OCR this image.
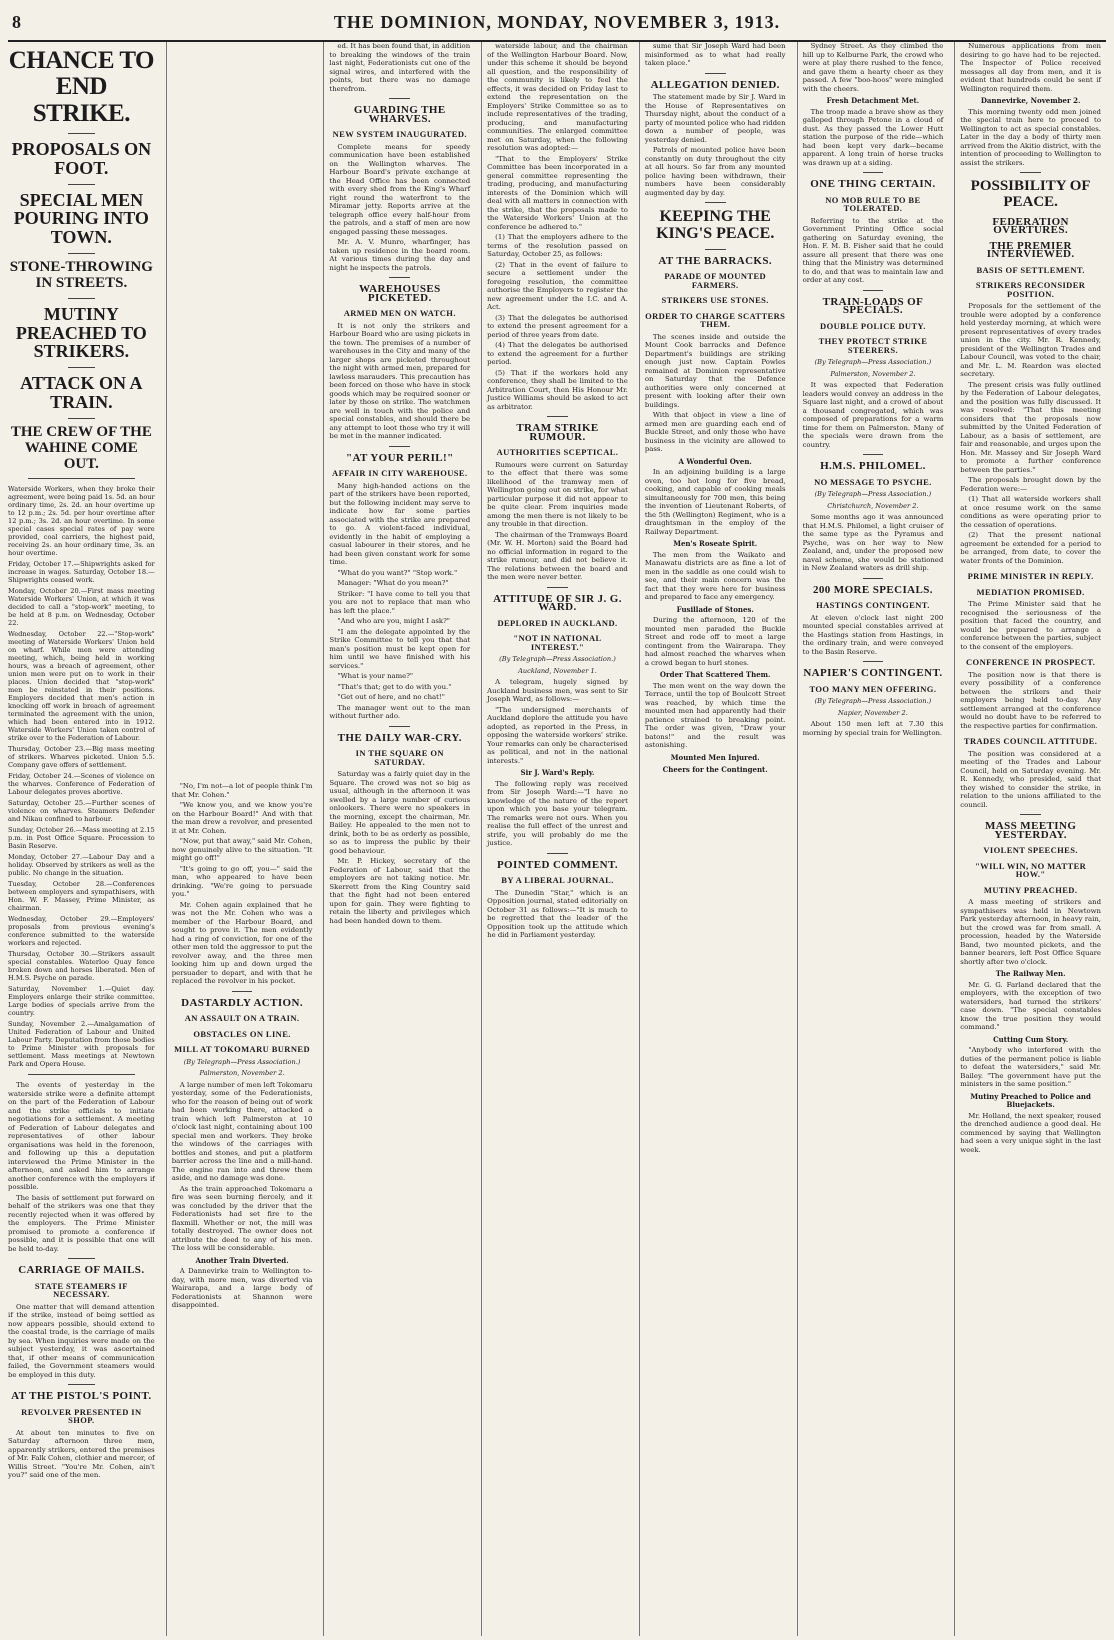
8	THE DOMINION, MONDAY, NOVEMBER 3, 1913.
CHANCE TO END STRIKE.
PROPOSALS ON FOOT.
SPECIAL MEN POURING INTO TOWN.
STONE-THROWING IN STREETS.
MUTINY PREACHED TO STRIKERS.
ATTACK ON A TRAIN.
THE CREW OF THE WAHINE COME OUT.

Waterside Workers, when they broke their agreement, were being paid 1s. 5d. an hour ordinary time, 2s. 2d. an hour overtime up to 12 p.m.; 2s. 5d. per hour overtime after 12 p.m.; 3s. 2d. an hour overtime. In some special cases special rates of pay were provided, coal carriers, the highest paid, receiving 2s. an hour ordinary time, 3s. an hour overtime.

Friday, October 17.—Shipwrights asked for increase in wages. Saturday, October 18.—Shipwrights ceased work.

Monday, October 20.—First mass meeting Waterside Workers' Union, at which it was decided to call a "stop-work" meeting, to be held at 8 p.m. on Wednesday, October 22.

Wednesday, October 22.—"Stop-work" meeting of Waterside Workers' Union held on wharf. While men were attending meeting, which, being held in working hours, was a breach of agreement, other union men were put on to work in their places. Union decided that "stop-work" men be reinstated in their positions. Employers decided that men's action in knocking off work in breach of agreement terminated the agreement with the union, which had been entered into in 1912. Waterside Workers' Union taken control of strike over to the Federation of Labour.

Thursday, October 23.—Big mass meeting of strikers. Wharves picketed. Union 5.5. Company gave offers of settlement.

Friday, October 24.—Scenes of violence on the wharves. Conference of Federation of Labour delegates proves abortive.

Saturday, October 25.—Further scenes of violence on wharves. Steamers Defender and Nikau confined to harbour.

Sunday, October 26.—Mass meeting at 2.15 p.m. in Post Office Square. Procession to Basin Reserve.

Monday, October 27.—Labour Day and a holiday. Observed by strikers as well as the public. No change in the situation.

Tuesday, October 28.—Conferences between employers and sympathisers, with Hon. W. F. Massey, Prime Minister, as chairman.

Wednesday, October 29.—Employers' proposals from previous evening's conference submitted to the waterside workers and rejected.

Thursday, October 30.—Strikers assault special constables. Waterloo Quay fence broken down and horses liberated. Men of H.M.S. Psyche on parade.

Saturday, November 1.—Quiet day. Employers enlarge their strike committee. Large bodies of specials arrive from the country.

Sunday, November 2.—Amalgamation of United Federation of Labour and United Labour Party. Deputation from those bodies to Prime Minister with proposals for settlement. Mass meetings at Newtown Park and Opera House.

The events of yesterday in the waterside strike were a definite attempt on the part of the Federation of Labour and the strike officials to initiate negotiations for a settlement. A meeting of Federation of Labour delegates and representatives of other labour organisations was held in the forenoon, and following up this a deputation interviewed the Prime Minister in the afternoon, and asked him to arrange another conference with the employers if possible.

The basis of settlement put forward on behalf of the strikers was one that they recently rejected when it was offered by the employers. The Prime Minister promised to promote a conference if possible, and it is possible that one will be held to-day.

CARRIAGE OF MAILS.
STATE STEAMERS IF NECESSARY.

One matter that will demand attention if the strike, instead of being settled as now appears possible, should extend to the coastal trade, is the carriage of mails by sea. When inquiries were made on the subject yesterday, it was ascertained that, if other means of communication failed, the Government steamers would be employed in this duty.

AT THE PISTOL'S POINT.
REVOLVER PRESENTED IN SHOP.

At about ten minutes to five on Saturday afternoon three men, apparently strikers, entered the premises of Mr. Falk Cohen, clothier and mercer, of Willis Street. "You're Mr. Cohen, ain't you?" said one of the men.

"No, I'm not—a lot of people think I'm that Mr. Cohen."

"We know you, and we know you're on the Harbour Board!" And with that the man drew a revolver, and presented it at Mr. Cohen.

"Now, put that away," said Mr. Cohen, now genuinely alive to the situation. "It might go off!"

"It's going to go off, you—" said the man, who appeared to have been drinking. "We're going to persuade you."

Mr. Cohen again explained that he was not the Mr. Cohen who was a member of the Harbour Board, and sought to prove it. The men evidently had a ring of conviction, for one of the other men told the aggressor to put the revolver away, and the three men looking him up and down urged the persuader to depart, and with that he replaced the revolver in his pocket.

DASTARDLY ACTION.
AN ASSAULT ON A TRAIN.
OBSTACLES ON LINE.
MILL AT TOKOMARU BURNED
(By Telegraph—Press Association.)
Palmerston, November 2.

A large number of men left Tokomaru yesterday, some of the Federationists, who for the reason of being out of work had been working there, attacked a train which left Palmerston at 10 o'clock last night, containing about 100 special men and workers. They broke the windows of the carriages with bottles and stones, and put a platform barrier across the line and a mill-hand. The engine ran into and threw them aside, and no damage was done.

As the train approached Tokomaru a fire was seen burning fiercely, and it was concluded by the driver that the Federationists had set fire to the flaxmill. Whether or not, the mill was totally destroyed. The owner does not attribute the deed to any of his men. The loss will be considerable.

Another Train Diverted.

A Dannevirke train to Wellington to-day, with more men, was diverted via Wairarapa, and a large body of Federationists at Shannon were disappointed.

ed. It has been found that, in addition to breaking the windows of the train last night, Federationists cut one of the signal wires, and interfered with the points, but there was no damage therefrom.

GUARDING THE WHARVES.
NEW SYSTEM INAUGURATED.

Complete means for speedy communication have been established on the Wellington wharves. The Harbour Board's private exchange at the Head Office has been connected with every shed from the King's Wharf right round the waterfront to the Miramar jetty. Reports arrive at the telegraph office every half-hour from the patrols, and a staff of men are now engaged passing these messages.

Mr. A. V. Munro, wharfinger, has taken up residence in the board room. At various times during the day and night he inspects the patrols.

WAREHOUSES PICKETED.
ARMED MEN ON WATCH.

It is not only the strikers and Harbour Board who are using pickets in the town. The premises of a number of warehouses in the City and many of the larger shops are picketed throughout the night with armed men, prepared for lawless marauders. This precaution has been forced on those who have in stock goods which may be required sooner or later by those on strike. The watchmen are well in touch with the police and special constables, and should there be any attempt to loot those who try it will be met in the manner indicated.

"AT YOUR PERIL!"
AFFAIR IN CITY WAREHOUSE.

Many high-handed actions on the part of the strikers have been reported, but the following incident may serve to indicate how far some parties associated with the strike are prepared to go. A violent-faced individual, evidently in the habit of employing a casual labourer in their stores, and he had been given constant work for some time.

"What do you want?" "Stop work."

Manager: "What do you mean?"

Striker: "I have come to tell you that you are not to replace that man who has left the place."

"And who are you, might I ask?"

"I am the delegate appointed by the Strike Committee to tell you that that man's position must be kept open for him until we have finished with his services."

"What is your name?"

"That's that; get to do with you."

"Get out of here, and no chat!"

The manager went out to the man without further ado.

THE DAILY WAR-CRY.
IN THE SQUARE ON SATURDAY.

Saturday was a fairly quiet day in the Square. The crowd was not so big as usual, although in the afternoon it was swelled by a large number of curious onlookers. There were no speakers in the morning, except the chairman, Mr. Bailey. He appealed to the men not to drink, both to be as orderly as possible, so as to impress the public by their good behaviour.

Mr. P. Hickey, secretary of the Federation of Labour, said that the employers are not taking notice. Mr. Skerrett from the King Country said that the fight had not been entered upon for gain. They were fighting to retain the liberty and privileges which had been handed down to them.

waterside labour, and the chairman of the Wellington Harbour Board. Now, under this scheme it should be beyond all question, and the responsibility of the community is likely to feel the effects, it was decided on Friday last to extend the representation on the Employers' Strike Committee so as to include representatives of the trading, producing, and manufacturing communities. The enlarged committee met on Saturday, when the following resolution was adopted:—

"That to the Employers' Strike Committee has been incorporated in a general committee representing the trading, producing, and manufacturing interests of the Dominion which will deal with all matters in connection with the strike, that the proposals made to the Waterside Workers' Union at the conference be adhered to."

(1) That the employers adhere to the terms of the resolution passed on Saturday, October 25, as follows:

(2) That in the event of failure to secure a settlement under the foregoing resolution, the committee authorise the Employers to register the new agreement under the I.C. and A. Act.

(3) That the delegates be authorised to extend the present agreement for a period of three years from date.

(4) That the delegates be authorised to extend the agreement for a further period.

(5) That if the workers hold any conference, they shall be limited to the Arbitration Court, then His Honour Mr. Justice Williams should be asked to act as arbitrator.

TRAM STRIKE RUMOUR.
AUTHORITIES SCEPTICAL.

Rumours were current on Saturday to the effect that there was some likelihood of the tramway men of Wellington going out on strike, for what particular purpose it did not appear to be quite clear. From inquiries made among the men there is not likely to be any trouble in that direction.

The chairman of the Tramways Board (Mr. W. H. Morton) said the Board had no official information in regard to the strike rumour, and did not believe it. The relations between the board and the men were never better.

ATTITUDE OF SIR J. G. WARD.
DEPLORED IN AUCKLAND.
"NOT IN NATIONAL INTEREST."
(By Telegraph—Press Association.)
Auckland, November 1.

A telegram, hugely signed by Auckland business men, was sent to Sir Joseph Ward, as follows:—

"The undersigned merchants of Auckland deplore the attitude you have adopted, as reported in the Press, in opposing the waterside workers' strike. Your remarks can only be characterised as political, and not in the national interests."

Sir J. Ward's Reply.

The following reply was received from Sir Joseph Ward:—"I have no knowledge of the nature of the report upon which you base your telegram. The remarks were not ours. When you realise the full effect of the unrest and strife, you will probably do me the justice.

POINTED COMMENT.
BY A LIBERAL JOURNAL.

The Dunedin "Star," which is an Opposition journal, stated editorially on October 31 as follows:—"It is much to be regretted that the leader of the Opposition took up the attitude which he did in Parliament yesterday.

sume that Sir Joseph Ward had been misinformed as to what had really taken place."

ALLEGATION DENIED.

The statement made by Sir J. Ward in the House of Representatives on Thursday night, about the conduct of a party of mounted police who had ridden down a number of people, was yesterday denied.

Patrols of mounted police have been constantly on duty throughout the city at all hours. So far from any mounted police having been withdrawn, their numbers have been considerably augmented day by day.

KEEPING THE KING'S PEACE.
AT THE BARRACKS.
PARADE OF MOUNTED FARMERS.
STRIKERS USE STONES.
ORDER TO CHARGE SCATTERS THEM.

The scenes inside and outside the Mount Cook barracks and Defence Department's buildings are striking enough just now. Captain Powles remained at Dominion representative on Saturday that the Defence authorities were only concerned at present with looking after their own buildings.

With that object in view a line of armed men are guarding each end of Buckle Street, and only those who have business in the vicinity are allowed to pass.

A Wonderful Oven.

In an adjoining building is a large oven, too hot long for five bread, cooking, and capable of cooking meals simultaneously for 700 men, this being the invention of Lieutenant Roberts, of the 5th (Wellington) Regiment, who is a draughtsman in the employ of the Railway Department.

Men's Roseate Spirit.

The men from the Waikato and Manawatu districts are as fine a lot of men in the saddle as one could wish to see, and their main concern was the fact that they were here for business and prepared to face any emergency.

Fusillade of Stones.

During the afternoon, 120 of the mounted men paraded the Buckle Street and rode off to meet a large contingent from the Wairarapa. They had almost reached the wharves when a crowd began to hurl stones.

Order That Scattered Them.

The men went on the way down the Terrace, until the top of Boulcott Street was reached, by which time the mounted men had apparently had their patience strained to breaking point. The order was given, "Draw your batons!" and the result was astonishing.

Mounted Men Injured.
Cheers for the Contingent.

Sydney Street. As they climbed the hill up to Kelburne Park, the crowd who were at play there rushed to the fence, and gave them a hearty cheer as they passed. A few "boo-hoos" were mingled with the cheers.

Fresh Detachment Met.

The troop made a brave show as they galloped through Petone in a cloud of dust. As they passed the Lower Hutt station the purpose of the ride—which had been kept very dark—became apparent. A long train of horse trucks was drawn up at a siding.

ONE THING CERTAIN.
NO MOB RULE TO BE TOLERATED.

Referring to the strike at the Government Printing Office social gathering on Saturday evening, the Hon. F. M. B. Fisher said that he could assure all present that there was one thing that the Ministry was determined to do, and that was to maintain law and order at any cost.

TRAIN-LOADS OF SPECIALS.
DOUBLE POLICE DUTY.
THEY PROTECT STRIKE STEERERS.
(By Telegraph—Press Association.)
Palmerston, November 2.

It was expected that Federation leaders would convey an address in the Square last night, and a crowd of about a thousand congregated, which was composed of preparations for a warm time for them on Palmerston. Many of the specials were drawn from the country.

H.M.S. PHILOMEL.
NO MESSAGE TO PSYCHE.
(By Telegraph—Press Association.)
Christchurch, November 2.

Some months ago it was announced that H.M.S. Philomel, a light cruiser of the same type as the Pyramus and Psyche, was on her way to New Zealand, and, under the proposed new naval scheme, she would be stationed in New Zealand waters as drill ship.

200 MORE SPECIALS.
HASTINGS CONTINGENT.

At eleven o'clock last night 200 mounted special constables arrived at the Hastings station from Hastings, in the ordinary train, and were conveyed to the Basin Reserve.

NAPIER'S CONTINGENT.
TOO MANY MEN OFFERING.
(By Telegraph—Press Association.)
Napier, November 2.

About 150 men left at 7.30 this morning by special train for Wellington.

Numerous applications from men desiring to go have had to be rejected. The Inspector of Police received messages all day from men, and it is evident that hundreds could be sent if Wellington required them.

Dannevirke, November 2.

This morning twenty odd men joined the special train here to proceed to Wellington to act as special constables. Later in the day a body of thirty men arrived from the Akitio district, with the intention of proceeding to Wellington to assist the strikers.

POSSIBILITY OF PEACE.
FEDERATION OVERTURES.
THE PREMIER INTERVIEWED.
BASIS OF SETTLEMENT.
STRIKERS RECONSIDER POSITION.

Proposals for the settlement of the trouble were adopted by a conference held yesterday morning, at which were present representatives of every trades union in the city. Mr. R. Kennedy, president of the Wellington Trades and Labour Council, was voted to the chair, and Mr. L. M. Reardon was elected secretary.

The present crisis was fully outlined by the Federation of Labour delegates, and the position was fully discussed. It was resolved: "That this meeting considers that the proposals now submitted by the United Federation of Labour, as a basis of settlement, are fair and reasonable, and urges upon the Hon. Mr. Massey and Sir Joseph Ward to promote a further conference between the parties."

The proposals brought down by the Federation were:—

(1) That all waterside workers shall at once resume work on the same conditions as were operating prior to the cessation of operations.

(2) That the present national agreement be extended for a period to be arranged, from date, to cover the water fronts of the Dominion.

PRIME MINISTER IN REPLY.
MEDIATION PROMISED.

The Prime Minister said that he recognised the seriousness of the position that faced the country, and would be prepared to arrange a conference between the parties, subject to the consent of the employers.

CONFERENCE IN PROSPECT.

The position now is that there is every possibility of a conference between the strikers and their employers being held to-day. Any settlement arranged at the conference would no doubt have to be referred to the respective parties for confirmation.

TRADES COUNCIL ATTITUDE.

The position was considered at a meeting of the Trades and Labour Council, held on Saturday evening. Mr. R. Kennedy, who presided, said that they wished to consider the strike, in relation to the unions affiliated to the council.

MASS MEETING YESTERDAY.
VIOLENT SPEECHES.
"WILL WIN, NO MATTER HOW."
MUTINY PREACHED.

A mass meeting of strikers and sympathisers was held in Newtown Park yesterday afternoon, in heavy rain, but the crowd was far from small. A procession, headed by the Waterside Band, two mounted pickets, and the banner bearers, left Post Office Square shortly after two o'clock.

The Railway Men.

Mr. G. G. Farland declared that the employers, with the exception of two watersiders, had turned the strikers' case down. "The special constables know the true position they would command."

Cutting Cum Story.

"Anybody who interfered with the duties of the permanent police is liable to defeat the watersiders," said Mr. Bailey. "The government have put the ministers in the same position."

Mutiny Preached to Police and Bluejackets.

Mr. Holland, the next speaker, roused the drenched audience a good deal. He commenced by saying that Wellington had seen a very unique sight in the last week.
